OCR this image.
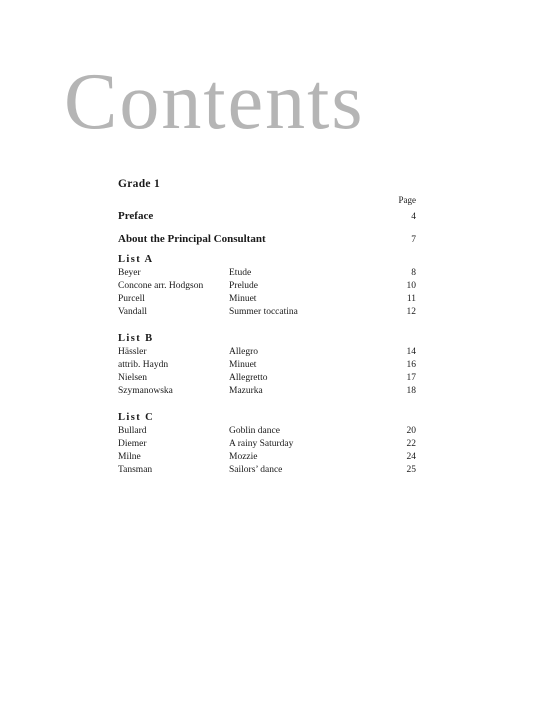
Contents
Grade 1
Page
Preface	4
About the Principal Consultant	7
List A
Beyer	Etude	8
Concone arr. Hodgson	Prelude	10
Purcell	Minuet	11
Vandall	Summer toccatina	12
List B
Hässler	Allegro	14
attrib. Haydn	Minuet	16
Nielsen	Allegretto	17
Szymanowska	Mazurka	18
List C
Bullard	Goblin dance	20
Diemer	A rainy Saturday	22
Milne	Mozzie	24
Tansman	Sailors’ dance	25
